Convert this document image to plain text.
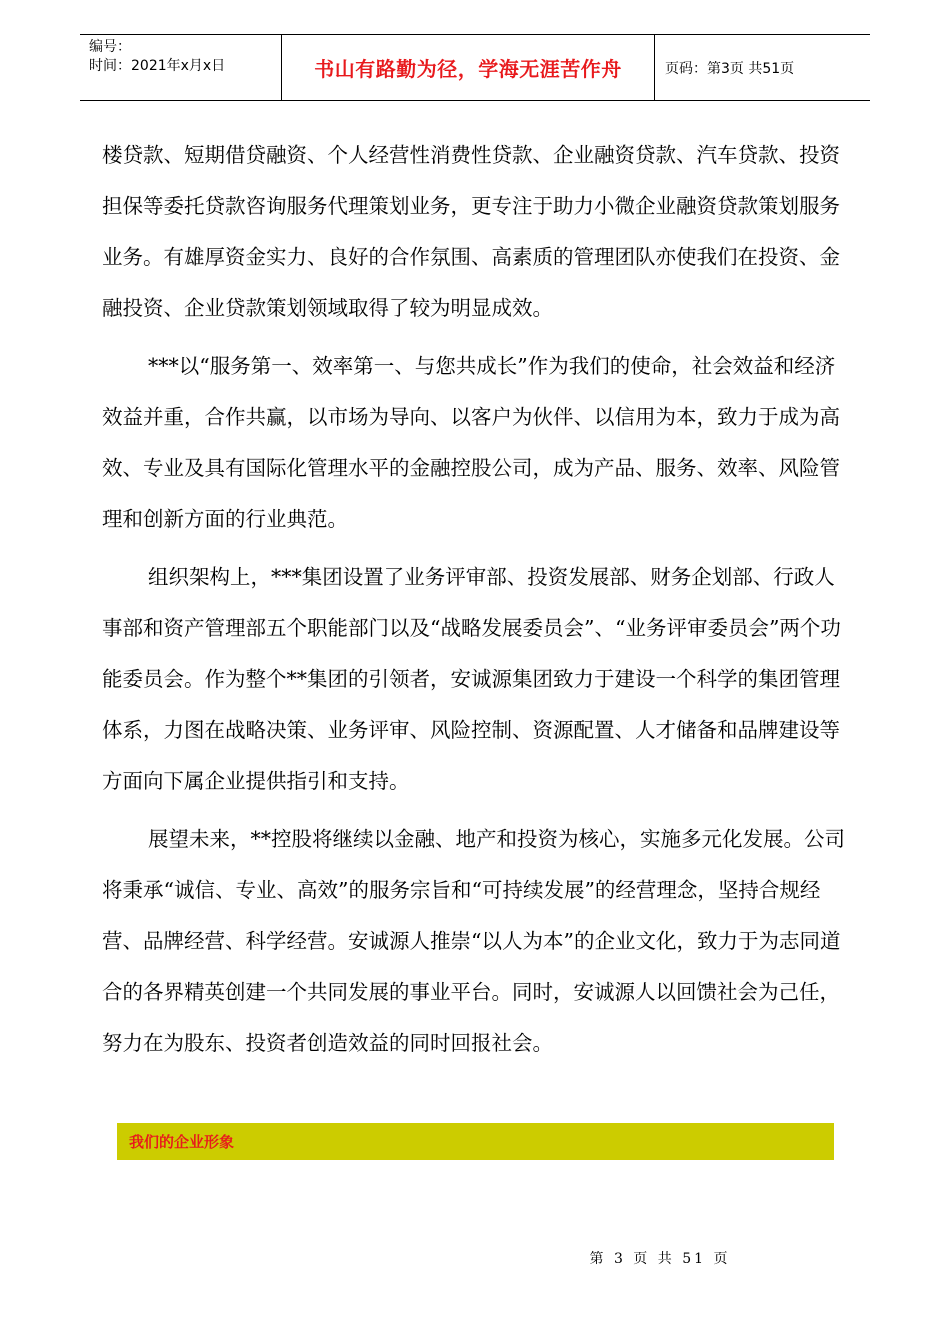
编号：
时间：2021年x月x日	书山有路勤为径，学海无涯苦作舟	页码：第3页 共51页

楼贷款、短期借贷融资、个人经营性消费性贷款、企业融资贷款、汽车贷款、投资担保等委托贷款咨询服务代理策划业务，更专注于助力小微企业融资贷款策划服务业务。有雄厚资金实力、良好的合作氛围、高素质的管理团队亦使我们在投资、金融投资、企业贷款策划领域取得了较为明显成效。

***以“服务第一、效率第一、与您共成长”作为我们的使命，社会效益和经济效益并重，合作共赢，以市场为导向、以客户为伙伴、以信用为本，致力于成为高效、专业及具有国际化管理水平的金融控股公司，成为产品、服务、效率、风险管理和创新方面的行业典范。

组织架构上，***集团设置了业务评审部、投资发展部、财务企划部、行政人事部和资产管理部五个职能部门以及“战略发展委员会”、“业务评审委员会”两个功能委员会。作为整个**集团的引领者，安诚源集团致力于建设一个科学的集团管理体系，力图在战略决策、业务评审、风险控制、资源配置、人才储备和品牌建设等方面向下属企业提供指引和支持。

展望未来，**控股将继续以金融、地产和投资为核心，实施多元化发展。公司将秉承“诚信、专业、高效”的服务宗旨和“可持续发展”的经营理念，坚持合规经营、品牌经营、科学经营。安诚源人推崇“以人为本”的企业文化，致力于为志同道合的各界精英创建一个共同发展的事业平台。同时，安诚源人以回馈社会为己任，努力在为股东、投资者创造效益的同时回报社会。

我们的企业形象
第 3 页 共 51 页
